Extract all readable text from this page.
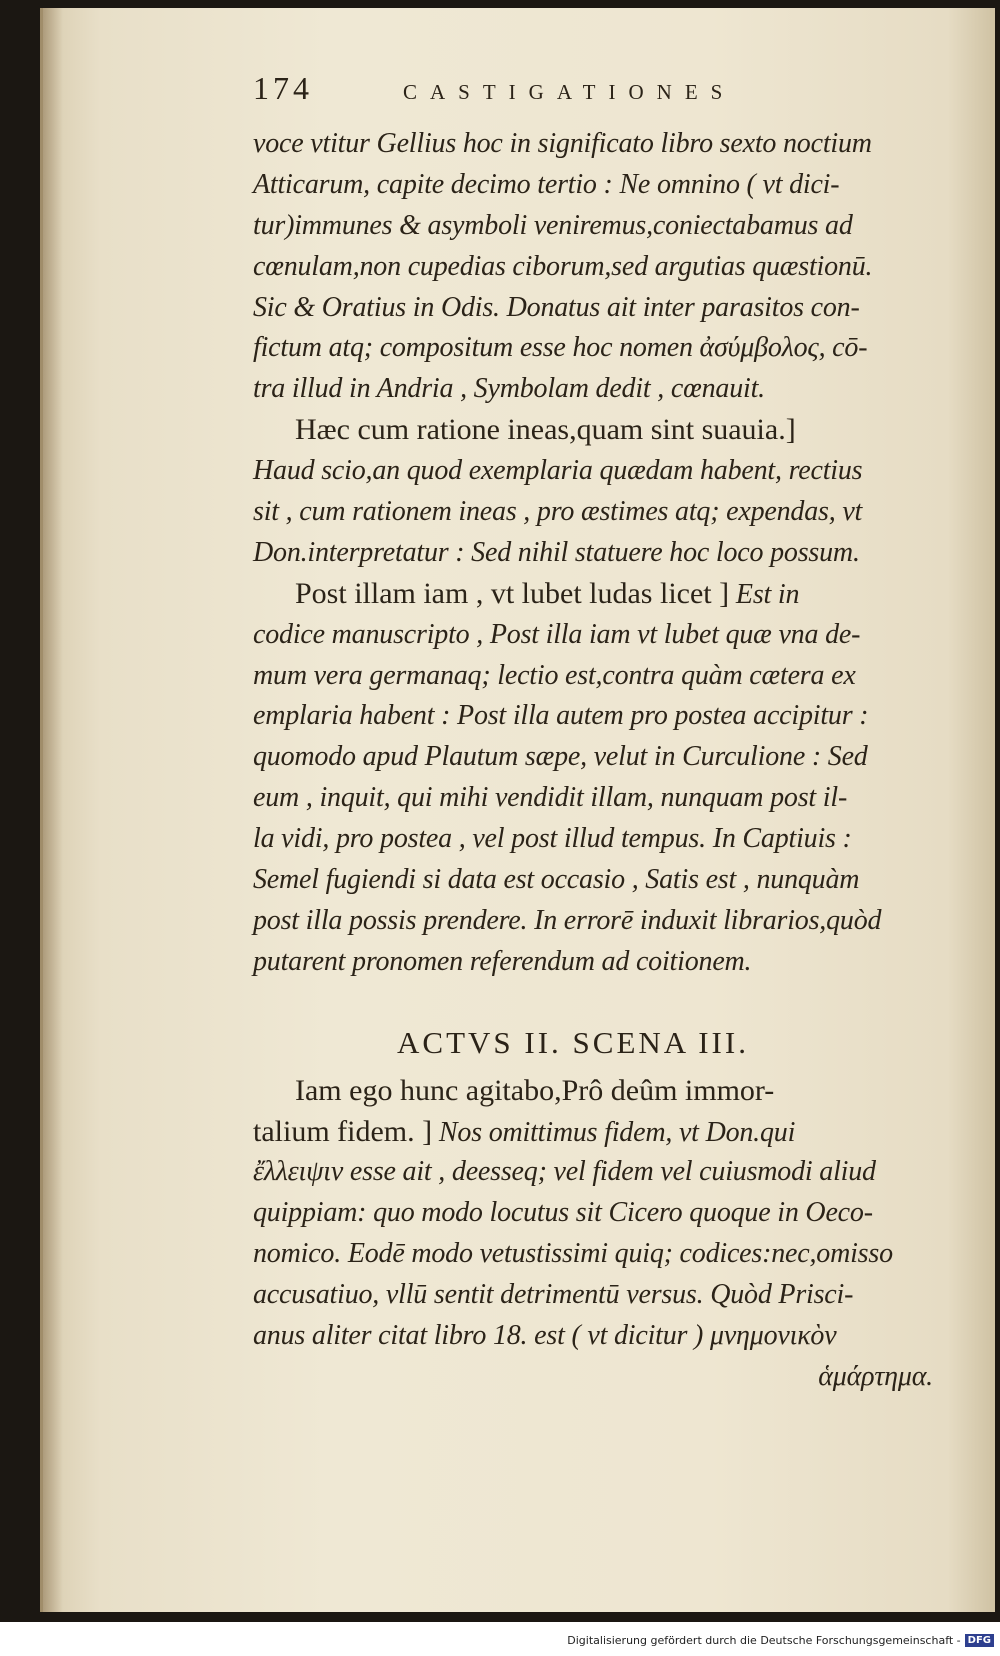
174	CASTIGATIONES
voce vtitur Gellius hoc in significato libro sexto noctium
Atticarum, capite decimo tertio : Ne omnino ( vt dici-
tur)immunes & asymboli veniremus,coniectabamus ad
cœnulam,non cupedias ciborum,sed argutias quæstionū.
Sic & Oratius in Odis. Donatus ait inter parasitos con-
fictum atq; compositum esse hoc nomen ἀσύμβολος, cō-
tra illud in Andria , Symbolam dedit , cœnauit.
Hæc cum ratione ineas,quam sint suauia.]
Haud scio,an quod exemplaria quædam habent, rectius
sit , cum rationem ineas , pro æstimes atq; expendas, vt
Don.interpretatur : Sed nihil statuere hoc loco possum.
Post illam iam , vt lubet ludas licet ] Est in
codice manuscripto , Post illa iam vt lubet quæ vna de-
mum vera germanaq; lectio est,contra quàm cætera ex
emplaria habent : Post illa autem pro postea accipitur :
quomodo apud Plautum sæpe, velut in Curculione : Sed
eum , inquit, qui mihi vendidit illam, nunquam post il-
la vidi, pro postea , vel post illud tempus. In Captiuis :
Semel fugiendi si data est occasio , Satis est , nunquàm
post illa possis prendere. In errorē induxit librarios,quòd
putarent pronomen referendum ad coitionem.
ACTVS II. SCENA III.
Iam ego hunc agitabo,Prô deûm immor-
talium fidem. ] Nos omittimus fidem, vt Don.qui
ἔλλειψιν esse ait , deesseq; vel fidem vel cuiusmodi aliud
quippiam: quo modo locutus sit Cicero quoque in Oeco-
nomico. Eodē modo vetustissimi quiq; codices:nec,omisso
accusatiuo, vllū sentit detrimentū versus. Quòd Prisci-
anus aliter citat libro 18. est ( vt dicitur ) μνημονικὸν
ἁμάρτημα.
Digitalisierung gefördert durch die Deutsche Forschungsgemeinschaft - DFG
